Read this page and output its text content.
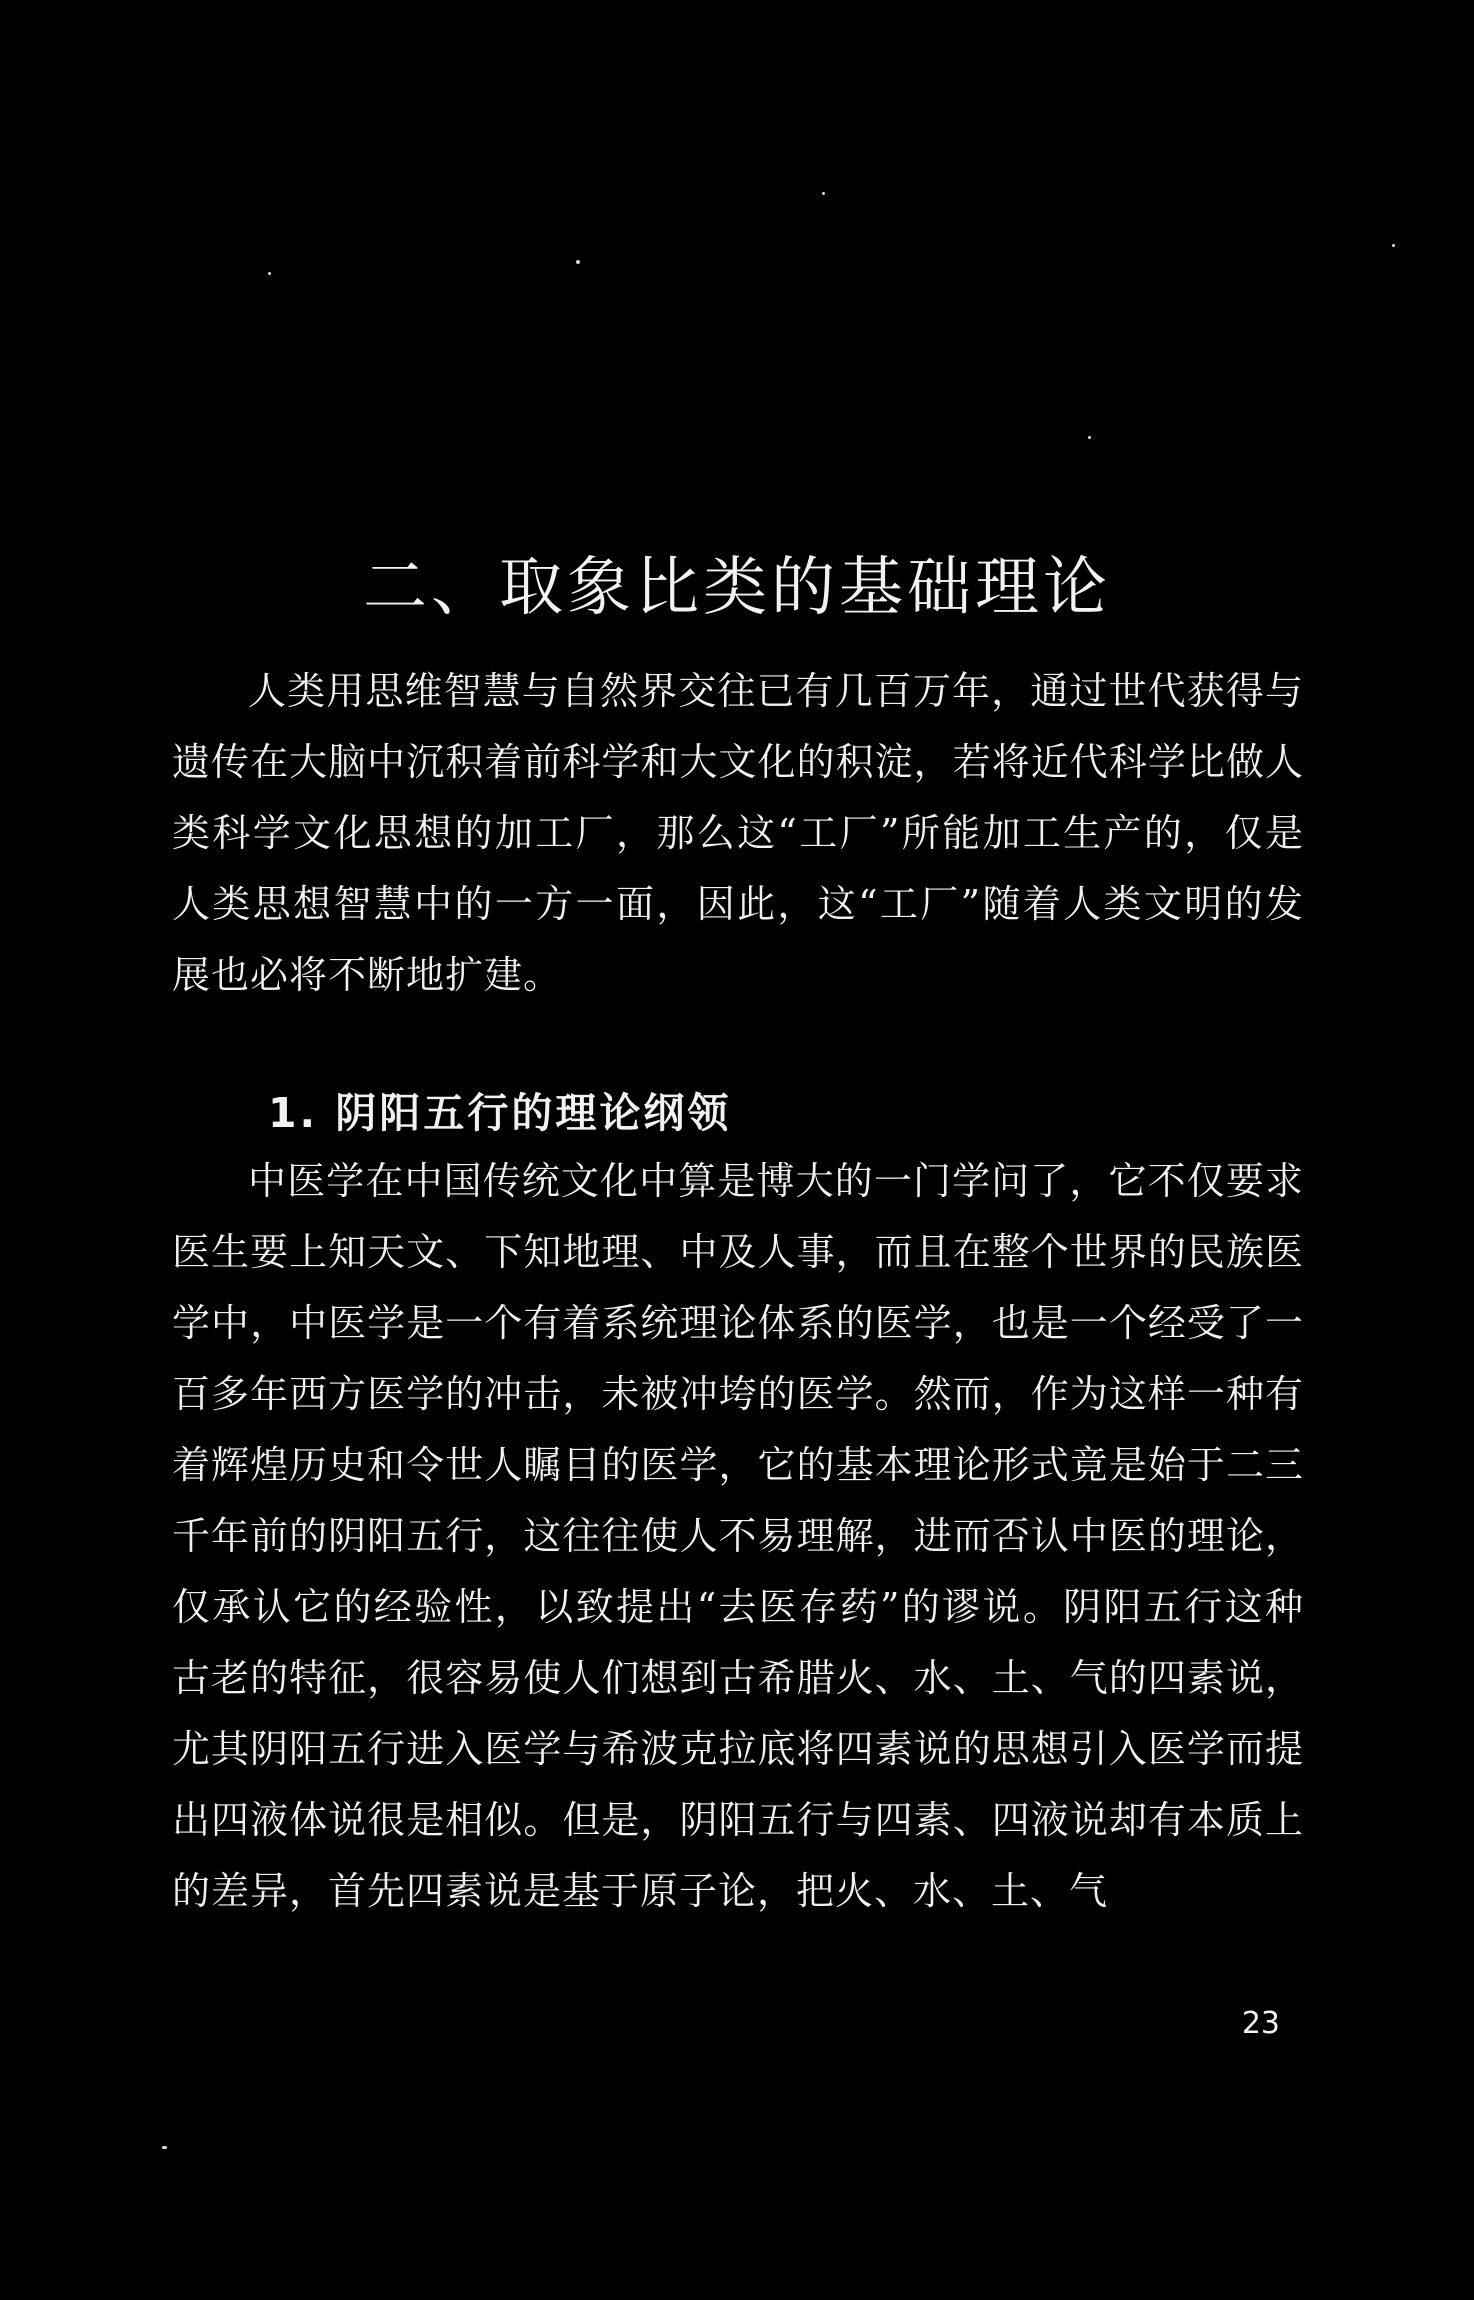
二、取象比类的基础理论

人类用思维智慧与自然界交往已有几百万年，通过世代获得与遗传在大脑中沉积着前科学和大文化的积淀，若将近代科学比做人类科学文化思想的加工厂，那么这“工厂”所能加工生产的，仅是人类思想智慧中的一方一面，因此，这“工厂”随着人类文明的发展也必将不断地扩建。

1. 阴阳五行的理论纲领

中医学在中国传统文化中算是博大的一门学问了，它不仅要求医生要上知天文、下知地理、中及人事，而且在整个世界的民族医学中，中医学是一个有着系统理论体系的医学，也是一个经受了一百多年西方医学的冲击，未被冲垮的医学。然而，作为这样一种有着辉煌历史和令世人瞩目的医学，它的基本理论形式竟是始于二三千年前的阴阳五行，这往往使人不易理解，进而否认中医的理论，仅承认它的经验性，以致提出“去医存药”的谬说。阴阳五行这种古老的特征，很容易使人们想到古希腊火、水、土、气的四素说，尤其阴阳五行进入医学与希波克拉底将四素说的思想引入医学而提出四液体说很是相似。但是，阴阳五行与四素、四液说却有本质上的差异，首先四素说是基于原子论，把火、水、土、气

23
